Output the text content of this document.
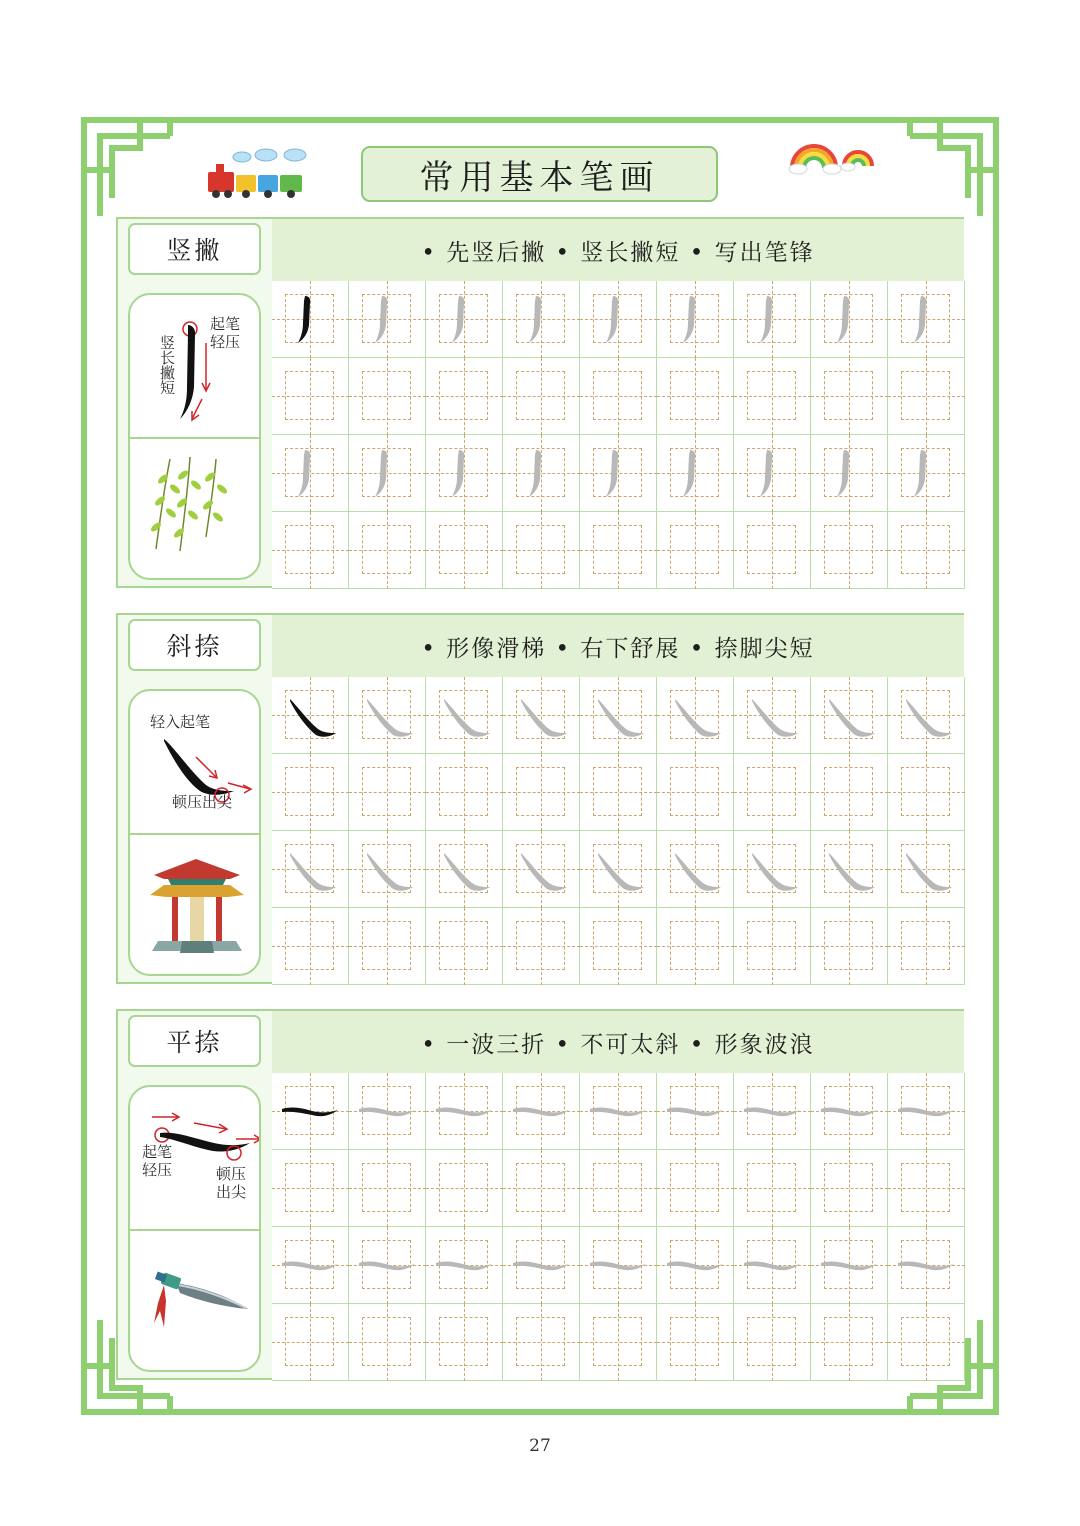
常用基本笔画
竖撇	• 先竖后撇 • 竖长撇短 • 写出笔锋
竖长撇短
起笔
轻压
斜捺	• 形像滑梯 • 右下舒展 • 捺脚尖短
轻入起笔
顿压出尖
平捺	• 一波三折 • 不可太斜 • 形象波浪
起笔
轻压	顿压
出尖
27
